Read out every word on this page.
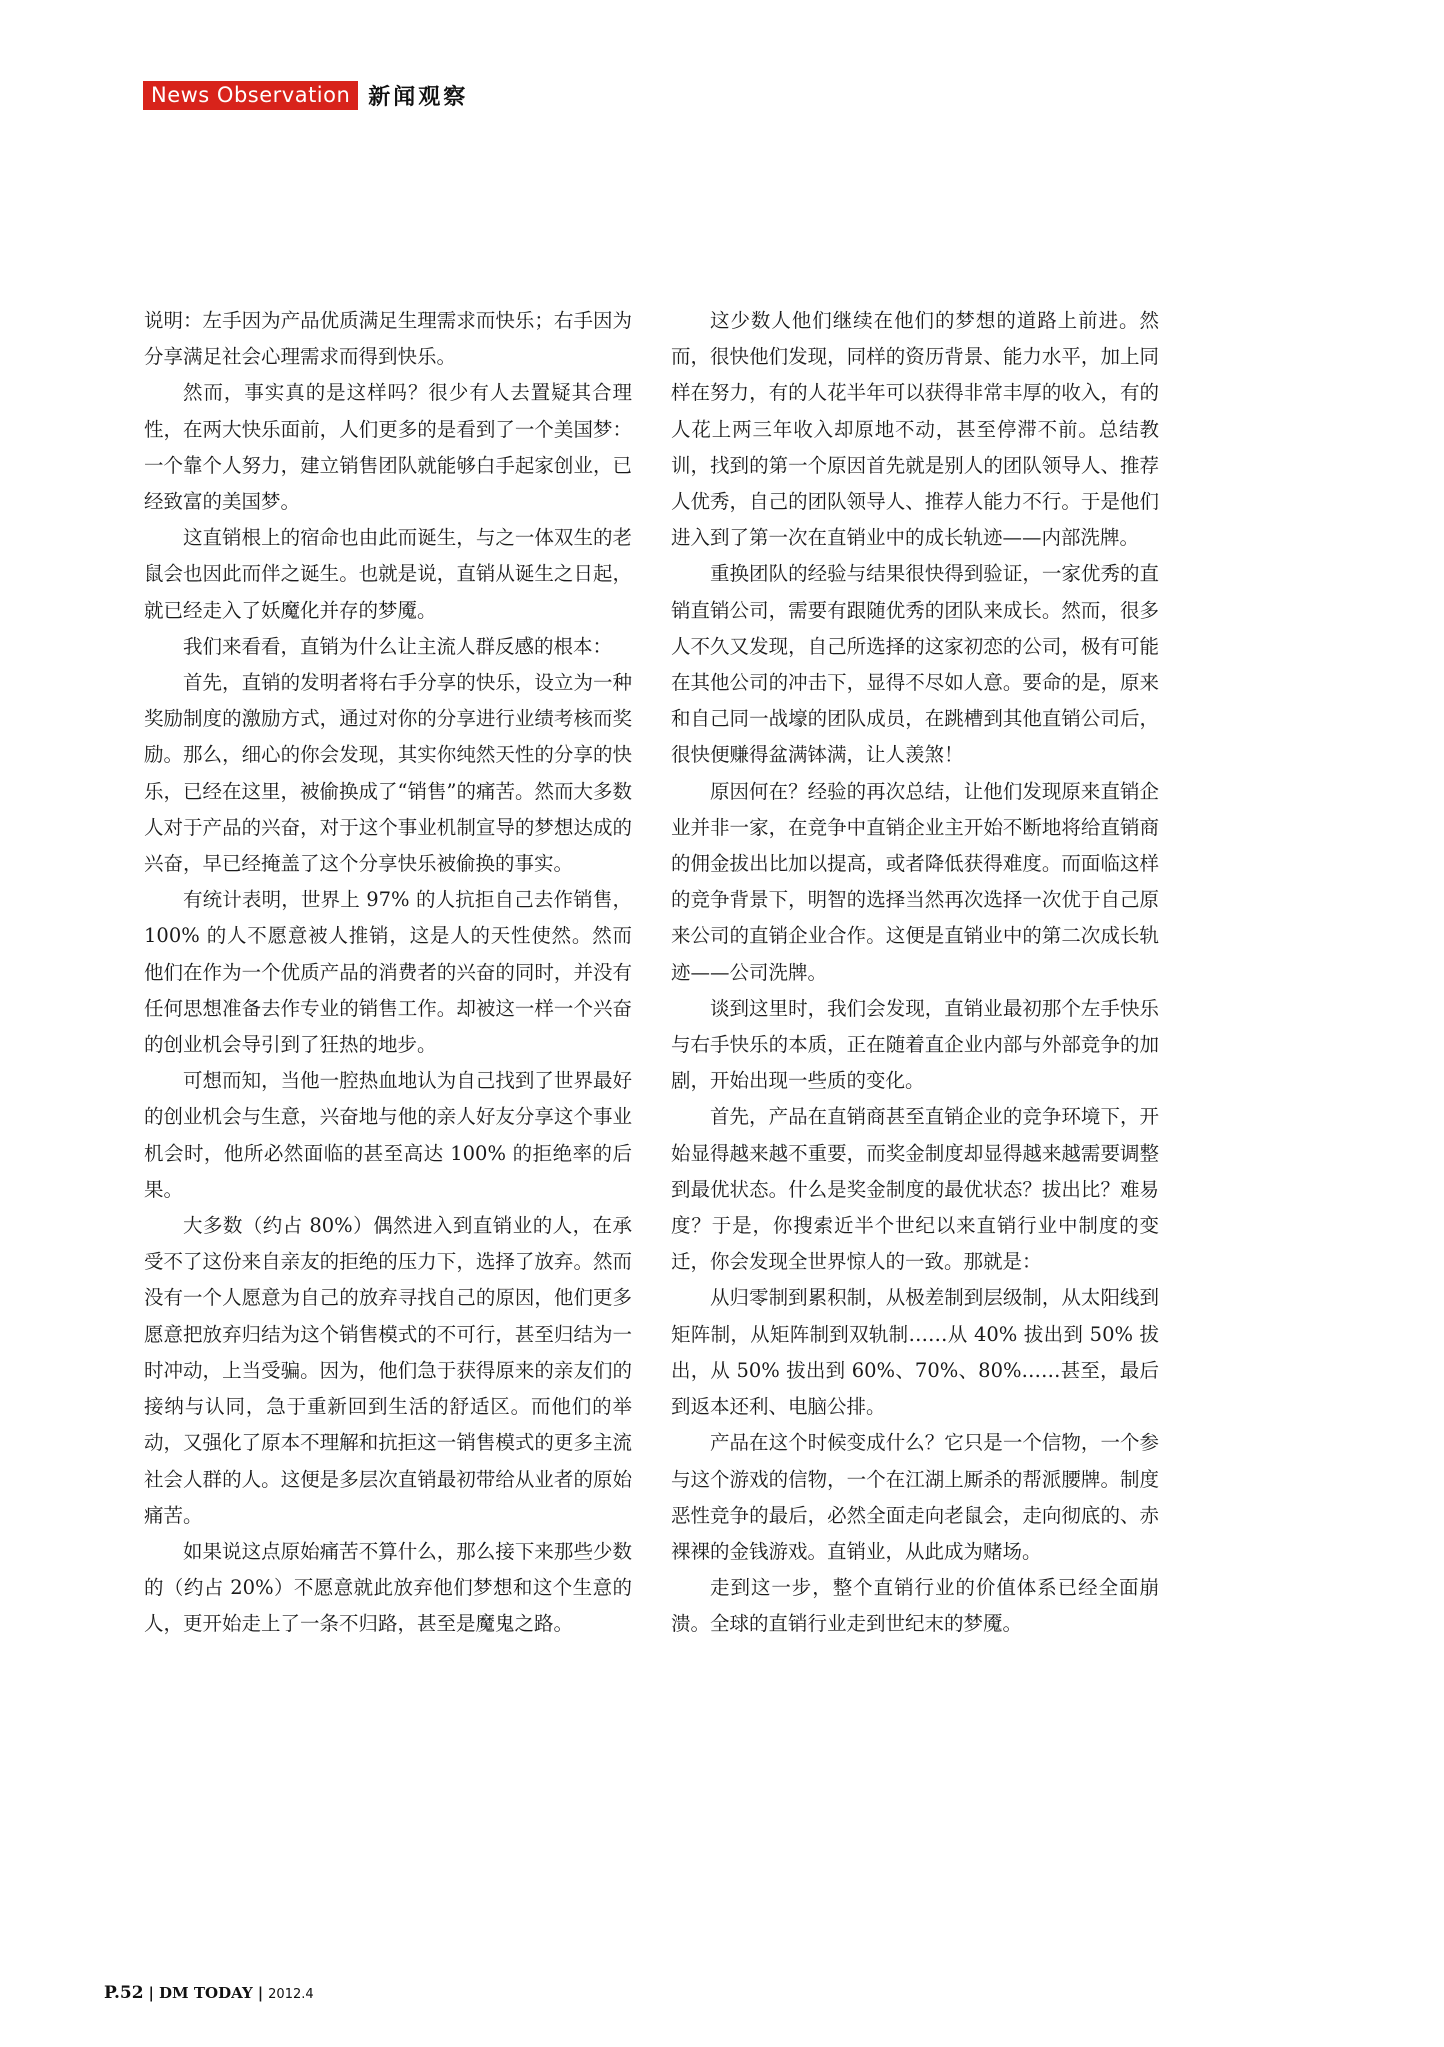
News Observation 新闻观察

说明：左手因为产品优质满足生理需求而快乐；右手因为分享满足社会心理需求而得到快乐。

然而，事实真的是这样吗？很少有人去置疑其合理性，在两大快乐面前，人们更多的是看到了一个美国梦：一个靠个人努力，建立销售团队就能够白手起家创业，已经致富的美国梦。

这直销根上的宿命也由此而诞生，与之一体双生的老鼠会也因此而伴之诞生。也就是说，直销从诞生之日起，就已经走入了妖魔化并存的梦魇。

我们来看看，直销为什么让主流人群反感的根本：

首先，直销的发明者将右手分享的快乐，设立为一种奖励制度的激励方式，通过对你的分享进行业绩考核而奖励。那么，细心的你会发现，其实你纯然天性的分享的快乐，已经在这里，被偷换成了“销售”的痛苦。然而大多数人对于产品的兴奋，对于这个事业机制宣导的梦想达成的兴奋，早已经掩盖了这个分享快乐被偷换的事实。

有统计表明，世界上 97% 的人抗拒自己去作销售，100% 的人不愿意被人推销，这是人的天性使然。然而他们在作为一个优质产品的消费者的兴奋的同时，并没有任何思想准备去作专业的销售工作。却被这一样一个兴奋的创业机会导引到了狂热的地步。

可想而知，当他一腔热血地认为自己找到了世界最好的创业机会与生意，兴奋地与他的亲人好友分享这个事业机会时，他所必然面临的甚至高达 100% 的拒绝率的后果。

大多数（约占 80%）偶然进入到直销业的人，在承受不了这份来自亲友的拒绝的压力下，选择了放弃。然而没有一个人愿意为自己的放弃寻找自己的原因，他们更多愿意把放弃归结为这个销售模式的不可行，甚至归结为一时冲动，上当受骗。因为，他们急于获得原来的亲友们的接纳与认同，急于重新回到生活的舒适区。而他们的举动，又强化了原本不理解和抗拒这一销售模式的更多主流社会人群的人。这便是多层次直销最初带给从业者的原始痛苦。

如果说这点原始痛苦不算什么，那么接下来那些少数的（约占 20%）不愿意就此放弃他们梦想和这个生意的人，更开始走上了一条不归路，甚至是魔鬼之路。

这少数人他们继续在他们的梦想的道路上前进。然而，很快他们发现，同样的资历背景、能力水平，加上同样在努力，有的人花半年可以获得非常丰厚的收入，有的人花上两三年收入却原地不动，甚至停滞不前。总结教训，找到的第一个原因首先就是别人的团队领导人、推荐人优秀，自己的团队领导人、推荐人能力不行。于是他们进入到了第一次在直销业中的成长轨迹——内部洗牌。

重换团队的经验与结果很快得到验证，一家优秀的直销直销公司，需要有跟随优秀的团队来成长。然而，很多人不久又发现，自己所选择的这家初恋的公司，极有可能在其他公司的冲击下，显得不尽如人意。要命的是，原来和自己同一战壕的团队成员，在跳槽到其他直销公司后，很快便赚得盆满钵满，让人羡煞！

原因何在？经验的再次总结，让他们发现原来直销企业并非一家，在竞争中直销企业主开始不断地将给直销商的佣金拔出比加以提高，或者降低获得难度。而面临这样的竞争背景下，明智的选择当然再次选择一次优于自己原来公司的直销企业合作。这便是直销业中的第二次成长轨迹——公司洗牌。

谈到这里时，我们会发现，直销业最初那个左手快乐与右手快乐的本质，正在随着直企业内部与外部竞争的加剧，开始出现一些质的变化。

首先，产品在直销商甚至直销企业的竞争环境下，开始显得越来越不重要，而奖金制度却显得越来越需要调整到最优状态。什么是奖金制度的最优状态？拔出比？难易度？于是，你搜索近半个世纪以来直销行业中制度的变迁，你会发现全世界惊人的一致。那就是：

从归零制到累积制，从极差制到层级制，从太阳线到矩阵制，从矩阵制到双轨制……从 40% 拔出到 50% 拔出，从 50% 拔出到 60%、70%、80%……甚至，最后到返本还利、电脑公排。

产品在这个时候变成什么？它只是一个信物，一个参与这个游戏的信物，一个在江湖上厮杀的帮派腰牌。制度恶性竞争的最后，必然全面走向老鼠会，走向彻底的、赤裸裸的金钱游戏。直销业，从此成为赌场。

走到这一步，整个直销行业的价值体系已经全面崩溃。全球的直销行业走到世纪末的梦魇。

P.52 | DM TODAY | 2012.4
